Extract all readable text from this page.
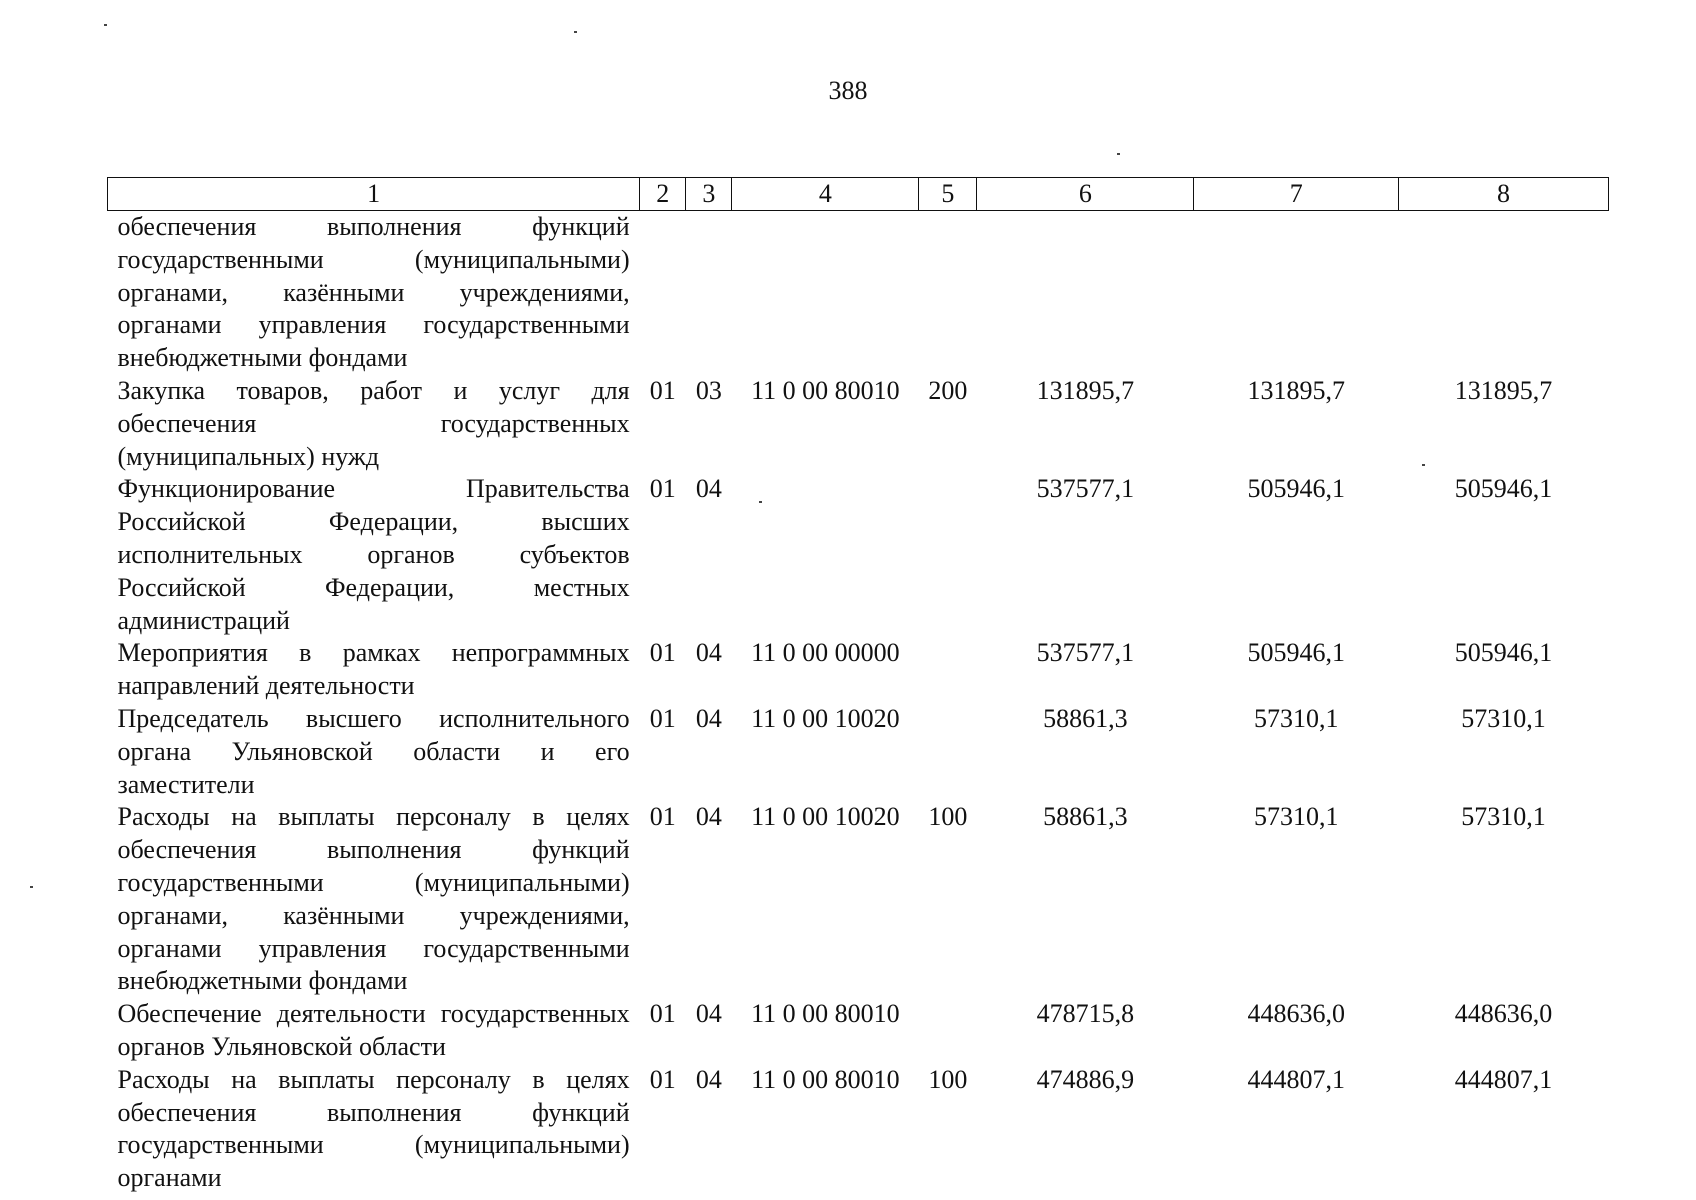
388
1	2	3	4	5	6	7	8
обеспечения выполнения функций государственными (муниципальными) органами, казёнными учреждениями, органами управления государственными внебюджетными фондами							
Закупка товаров, работ и услуг для обеспечения государственных (муниципальных) нужд	01	03	11 0 00 80010	200	131895,7	131895,7	131895,7
Функционирование Правительства Российской Федерации, высших исполнительных органов субъектов Российской Федерации, местных администраций	01	04			537577,1	505946,1	505946,1
Мероприятия в рамках непрограммных направлений деятельности	01	04	11 0 00 00000		537577,1	505946,1	505946,1
Председатель высшего исполнительного органа Ульяновской области и его заместители	01	04	11 0 00 10020		58861,3	57310,1	57310,1
Расходы на выплаты персоналу в целях обеспечения выполнения функций государственными (муниципальными) органами, казёнными учреждениями, органами управления государственными внебюджетными фондами	01	04	11 0 00 10020	100	58861,3	57310,1	57310,1
Обеспечение деятельности государственных органов Ульяновской области	01	04	11 0 00 80010		478715,8	448636,0	448636,0
Расходы на выплаты персоналу в целях обеспечения выполнения функций государственными (муниципальными) органами	01	04	11 0 00 80010	100	474886,9	444807,1	444807,1
